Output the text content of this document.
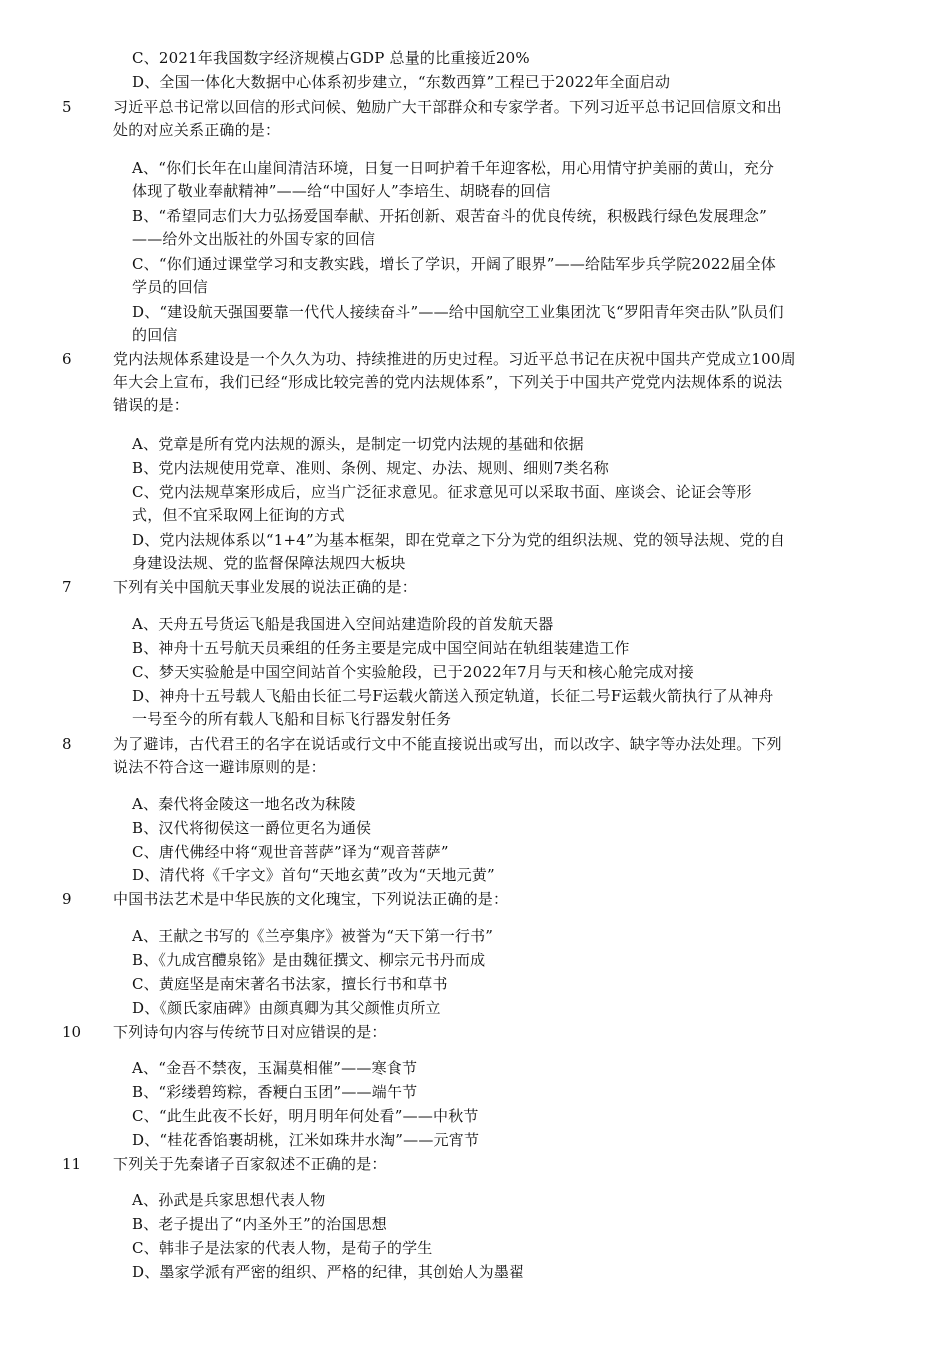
C、2021年我国数字经济规模占GDP 总量的比重接近20%
D、全国一体化大数据中心体系初步建立，“东数西算”工程已于2022年全面启动
5	习近平总书记常以回信的形式问候、勉励广大干部群众和专家学者。下列习近平总书记回信原文和出
处的对应关系正确的是：
A、“你们长年在山崖间清洁环境，日复一日呵护着千年迎客松，用心用情守护美丽的黄山，充分
体现了敬业奉献精神”——给“中国好人”李培生、胡晓春的回信
B、“希望同志们大力弘扬爱国奉献、开拓创新、艰苦奋斗的优良传统，积极践行绿色发展理念”
——给外文出版社的外国专家的回信
C、“你们通过课堂学习和支教实践，增长了学识，开阔了眼界”——给陆军步兵学院2022届全体
学员的回信
D、“建设航天强国要靠一代代人接续奋斗”——给中国航空工业集团沈飞“罗阳青年突击队”队员们
的回信
6	党内法规体系建设是一个久久为功、持续推进的历史过程。习近平总书记在庆祝中国共产党成立100周
年大会上宣布，我们已经“形成比较完善的党内法规体系”，下列关于中国共产党党内法规体系的说法
错误的是：
A、党章是所有党内法规的源头，是制定一切党内法规的基础和依据
B、党内法规使用党章、准则、条例、规定、办法、规则、细则7类名称
C、党内法规草案形成后，应当广泛征求意见。征求意见可以采取书面、座谈会、论证会等形
式，但不宜采取网上征询的方式
D、党内法规体系以“1+4”为基本框架，即在党章之下分为党的组织法规、党的领导法规、党的自
身建设法规、党的监督保障法规四大板块
7	下列有关中国航天事业发展的说法正确的是：
A、天舟五号货运飞船是我国进入空间站建造阶段的首发航天器
B、神舟十五号航天员乘组的任务主要是完成中国空间站在轨组装建造工作
C、梦天实验舱是中国空间站首个实验舱段，已于2022年7月与天和核心舱完成对接
D、神舟十五号载人飞船由长征二号F运载火箭送入预定轨道，长征二号F运载火箭执行了从神舟
一号至今的所有载人飞船和目标飞行器发射任务
8	为了避讳，古代君王的名字在说话或行文中不能直接说出或写出，而以改字、缺字等办法处理。下列
说法不符合这一避讳原则的是：
A、秦代将金陵这一地名改为秣陵
B、汉代将彻侯这一爵位更名为通侯
C、唐代佛经中将“观世音菩萨”译为“观音菩萨”
D、清代将《千字文》首句“天地玄黄”改为“天地元黄”
9	中国书法艺术是中华民族的文化瑰宝，下列说法正确的是：
A、王献之书写的《兰亭集序》被誉为“天下第一行书”
B、《九成宫醴泉铭》是由魏征撰文、柳宗元书丹而成
C、黄庭坚是南宋著名书法家，擅长行书和草书
D、《颜氏家庙碑》由颜真卿为其父颜惟贞所立
10 下列诗句内容与传统节日对应错误的是：
A、“金吾不禁夜，玉漏莫相催”——寒食节
B、“彩缕碧筠粽，香粳白玉团”——端午节
C、“此生此夜不长好，明月明年何处看”——中秋节
D、“桂花香馅裹胡桃，江米如珠井水淘”——元宵节
11 下列关于先秦诸子百家叙述不正确的是：
A、孙武是兵家思想代表人物
B、老子提出了“内圣外王”的治国思想
C、韩非子是法家的代表人物，是荀子的学生
D、墨家学派有严密的组织、严格的纪律，其创始人为墨翟
